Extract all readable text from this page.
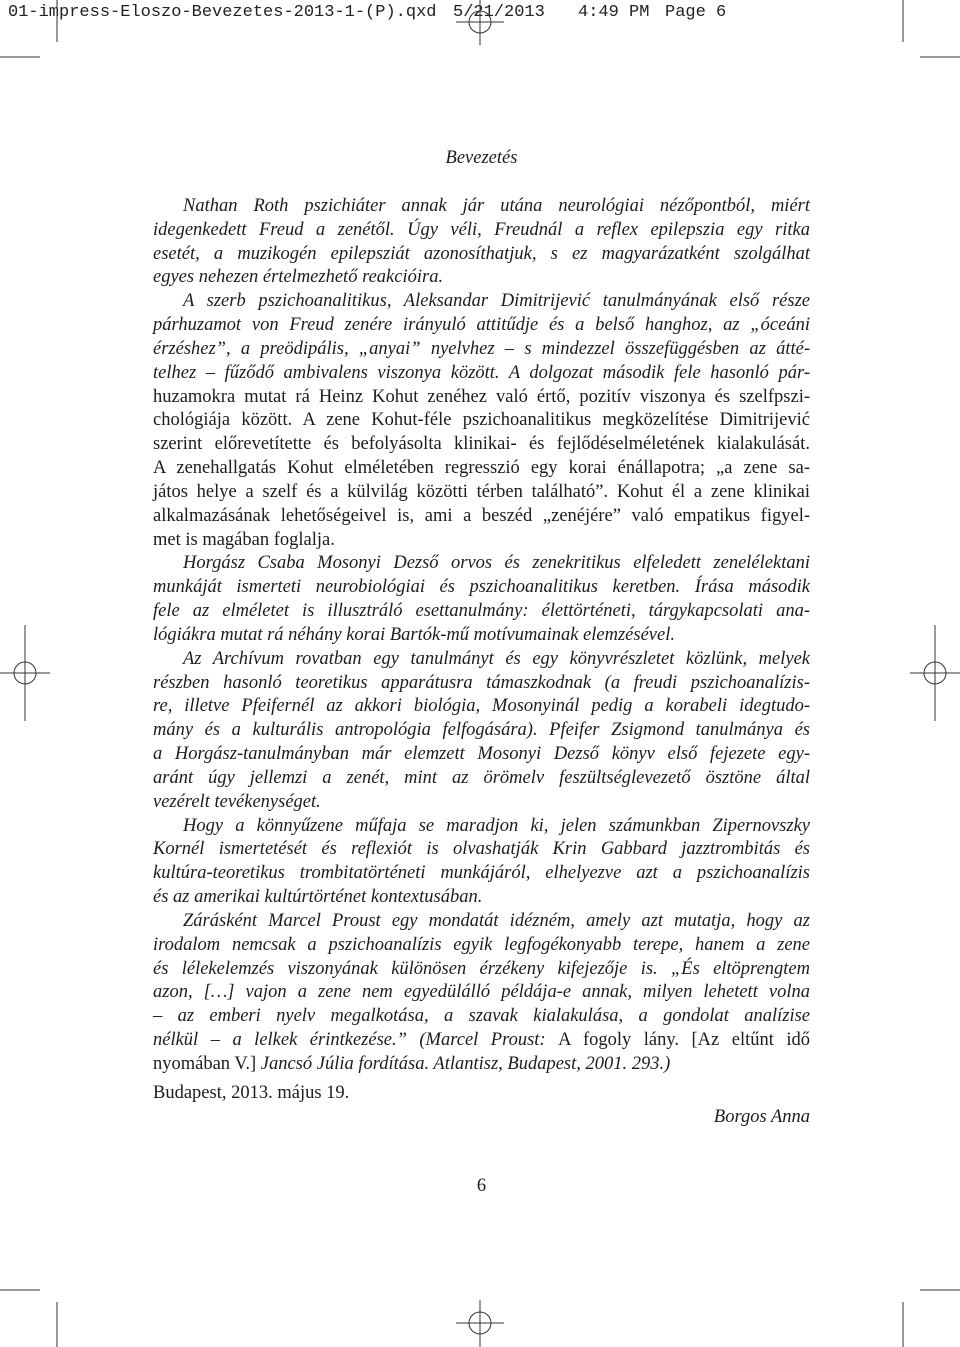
01-impress-Eloszo-Bevezetes-2013-1-(P).qxd 5/21/2013 4:49 PM Page 6
Bevezetés
Nathan Roth pszichiáter annak jár utána neurológiai nézőpontból, miért
idegenkedett Freud a zenétől. Úgy véli, Freudnál a reflex epilepszia egy ritka
esetét, a muzikogén epilepsziát azonosíthatjuk, s ez magyarázatként szolgálhat
egyes nehezen értelmezhető reakcióira.
A szerb pszichoanalitikus, Aleksandar Dimitrijević tanulmányának első része
párhuzamot von Freud zenére irányuló attitűdje és a belső hanghoz, az „óceáni
érzéshez”, a preödipális, „anyai” nyelvhez – s mindezzel összefüggésben az átté-
telhez – fűződő ambivalens viszonya között. A dolgozat második fele hasonló pár-
huzamokra mutat rá Heinz Kohut zenéhez való értő, pozitív viszonya és szelfpszi-
chológiája között. A zene Kohut-féle pszichoanalitikus megközelítése Dimitrijević
szerint előrevetítette és befolyásolta klinikai- és fejlődéselméletének kialakulását.
A zenehallgatás Kohut elméletében regresszió egy korai énállapotra; „a zene sa-
játos helye a szelf és a külvilág közötti térben található”. Kohut él a zene klinikai
alkalmazásának lehetőségeivel is, ami a beszéd „zenéjére” való empatikus figyel-
met is magában foglalja.
Horgász Csaba Mosonyi Dezső orvos és zenekritikus elfeledett zenelélektani
munkáját ismerteti neurobiológiai és pszichoanalitikus keretben. Írása második
fele az elméletet is illusztráló esettanulmány: élettörténeti, tárgykapcsolati ana-
lógiákra mutat rá néhány korai Bartók-mű motívumainak elemzésével.
Az Archívum rovatban egy tanulmányt és egy könyvrészletet közlünk, melyek
részben hasonló teoretikus apparátusra támaszkodnak (a freudi pszichoanalízis-
re, illetve Pfeifernél az akkori biológia, Mosonyinál pedig a korabeli idegtudo-
mány és a kulturális antropológia felfogására). Pfeifer Zsigmond tanulmánya és
a Horgász-tanulmányban már elemzett Mosonyi Dezső könyv első fejezete egy-
aránt úgy jellemzi a zenét, mint az örömelv feszültséglevezető ösztöne által
vezérelt tevékenységet.
Hogy a könnyűzene műfaja se maradjon ki, jelen számunkban Zipernovszky
Kornél ismertetését és reflexiót is olvashatják Krin Gabbard jazztrombitás és
kultúra-teoretikus trombitatörténeti munkájáról, elhelyezve azt a pszichoanalízis
és az amerikai kultúrtörténet kontextusában.
Zárásként Marcel Proust egy mondatát idézném, amely azt mutatja, hogy az
irodalom nemcsak a pszichoanalízis egyik legfogékonyabb terepe, hanem a zene
és lélekelemzés viszonyának különösen érzékeny kifejezője is. „És eltöprengtem
azon, […] vajon a zene nem egyedülálló példája-e annak, milyen lehetett volna
– az emberi nyelv megalkotása, a szavak kialakulása, a gondolat analízise
nélkül – a lelkek érintkezése.” (Marcel Proust: A fogoly lány. [Az eltűnt idő
nyomában V.] Jancsó Júlia fordítása. Atlantisz, Budapest, 2001. 293.)
Budapest, 2013. május 19.
Borgos Anna
6
